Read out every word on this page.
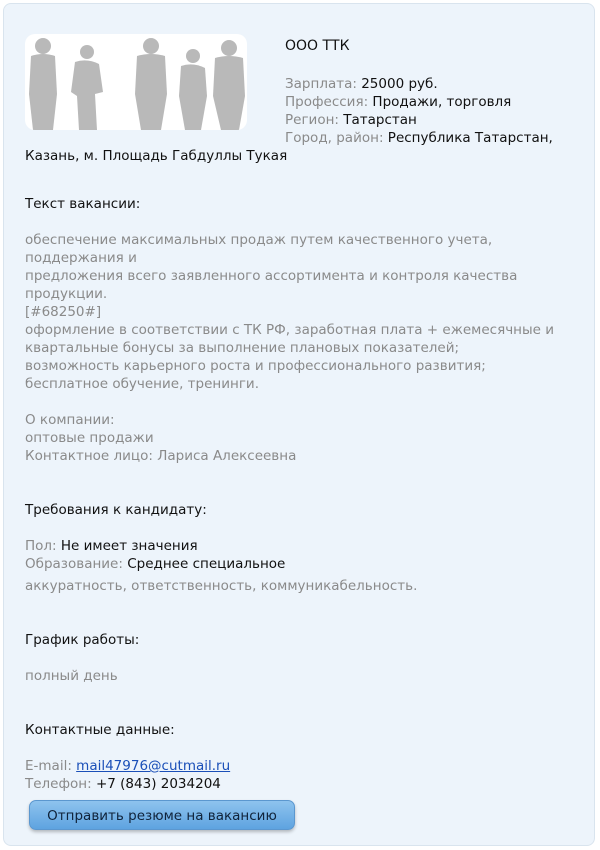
ООО ТТК
Зарплата: 25000 руб.
Профессия: Продажи, торговля
Регион: Татарстан
Город, район: Республика Татарстан,
Казань, м. Площадь Габдуллы Тукая
Текст вакансии:
обеспечение максимальных продаж путем качественного учета, поддержания и
предложения всего заявленного ассортимента и контроля качества продукции.
[#68250#]
оформление в соответствии с ТК РФ, заработная плата + ежемесячные и
квартальные бонусы за выполнение плановых показателей;
возможность карьерного роста и профессионального развития;
бесплатное обучение, тренинги.
О компании:
оптовые продажи
Контактное лицо: Лариса Алексеевна
Требования к кандидату:
Пол: Не имеет значения
Образование: Среднее специальное
аккуратность, ответственность, коммуникабельность.
График работы:
полный день
Контактные данные:
E-mail: mail47976@cutmail.ru
Телефон: +7 (843) 2034204
Отправить резюме на вакансию
